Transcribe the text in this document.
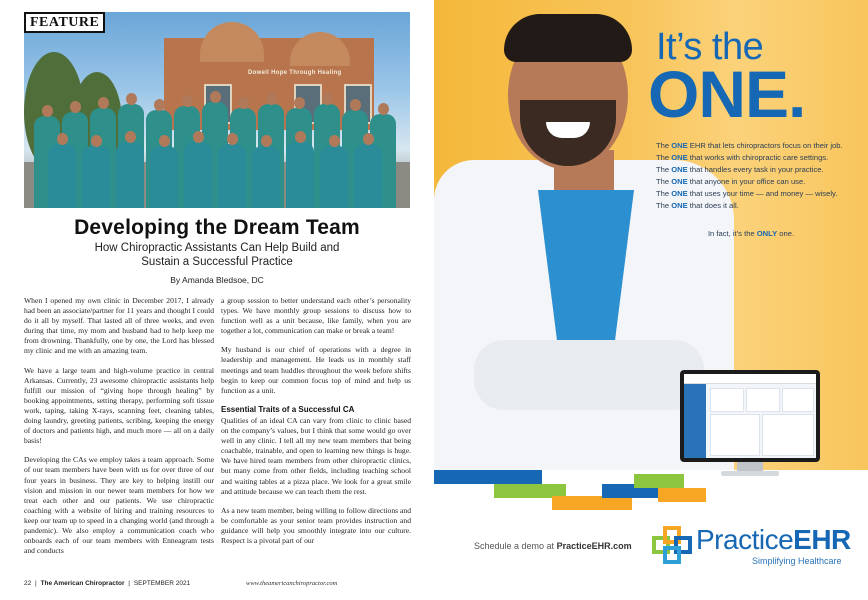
Dowell Hope Through Healing
FEATURE
Developing the Dream Team
How Chiropractic Assistants Can Help Build and
Sustain a Successful Practice
By Amanda Bledsoe, DC

When I opened my own clinic in December 2017, I already had been an associate/partner for 11 years and thought I could do it all by myself. That lasted all of three weeks, and even during that time, my mom and husband had to help keep me from drowning. Thankfully, one by one, the Lord has blessed my clinic and me with an amazing team.

We have a large team and high-volume practice in central Arkansas. Currently, 23 awesome chiropractic assistants help fulfill our mission of “giving hope through healing” by booking appointments, setting therapy, performing soft tissue work, taping, taking X-rays, scanning feet, cleaning tables, doing laundry, greeting patients, scribing, keeping the energy of doctors and patients high, and much more — all on a daily basis!

Developing the CAs we employ takes a team approach. Some of our team members have been with us for over three of our four years in business. They are key to helping instill our vision and mission in our newer team members for how we treat each other and our patients. We use chiropractic coaching with a website of hiring and training resources to keep our team up to speed in a changing world (and through a pandemic). We also employ a communication coach who onboards each of our team members with Enneagram tests and conducts

a group session to better understand each other’s personality types. We have monthly group sessions to discuss how to function well as a unit because, like family, when you are together a lot, communication can make or break a team!

My husband is our chief of operations with a degree in leadership and management. He leads us in monthly staff meetings and team huddles throughout the week before shifts begin to keep our common focus top of mind and help us function as a unit.

Essential Traits of a Successful CA

Qualities of an ideal CA can vary from clinic to clinic based on the company’s values, but I think that some would go over well in any clinic. I tell all my new team members that being coachable, trainable, and open to learning new things is huge. We have hired team members from other chiropractic clinics, but many come from other fields, including teaching school and waiting tables at a pizza place. We look for a great smile and attitude because we can teach them the rest.

As a new team member, being willing to follow directions and be comfortable as your senior team provides instruction and guidance will help you smoothly integrate into our culture. Respect is a pivotal part of our

22 | The American Chiropractor | SEPTEMBER 2021	www.theamericanchiropractor.com
It’s the
ONE.
The ONE EHR that lets chiropractors focus on their job.
The ONE that works with chiropractic care settings.
The ONE that handles every task in your practice.
The ONE that anyone in your office can use.
The ONE that uses your time — and money — wisely.
The ONE that does it all.
In fact, it’s the ONLY one.
Schedule a demo at PracticeEHR.com PracticeEHR
Simplifying Healthcare
